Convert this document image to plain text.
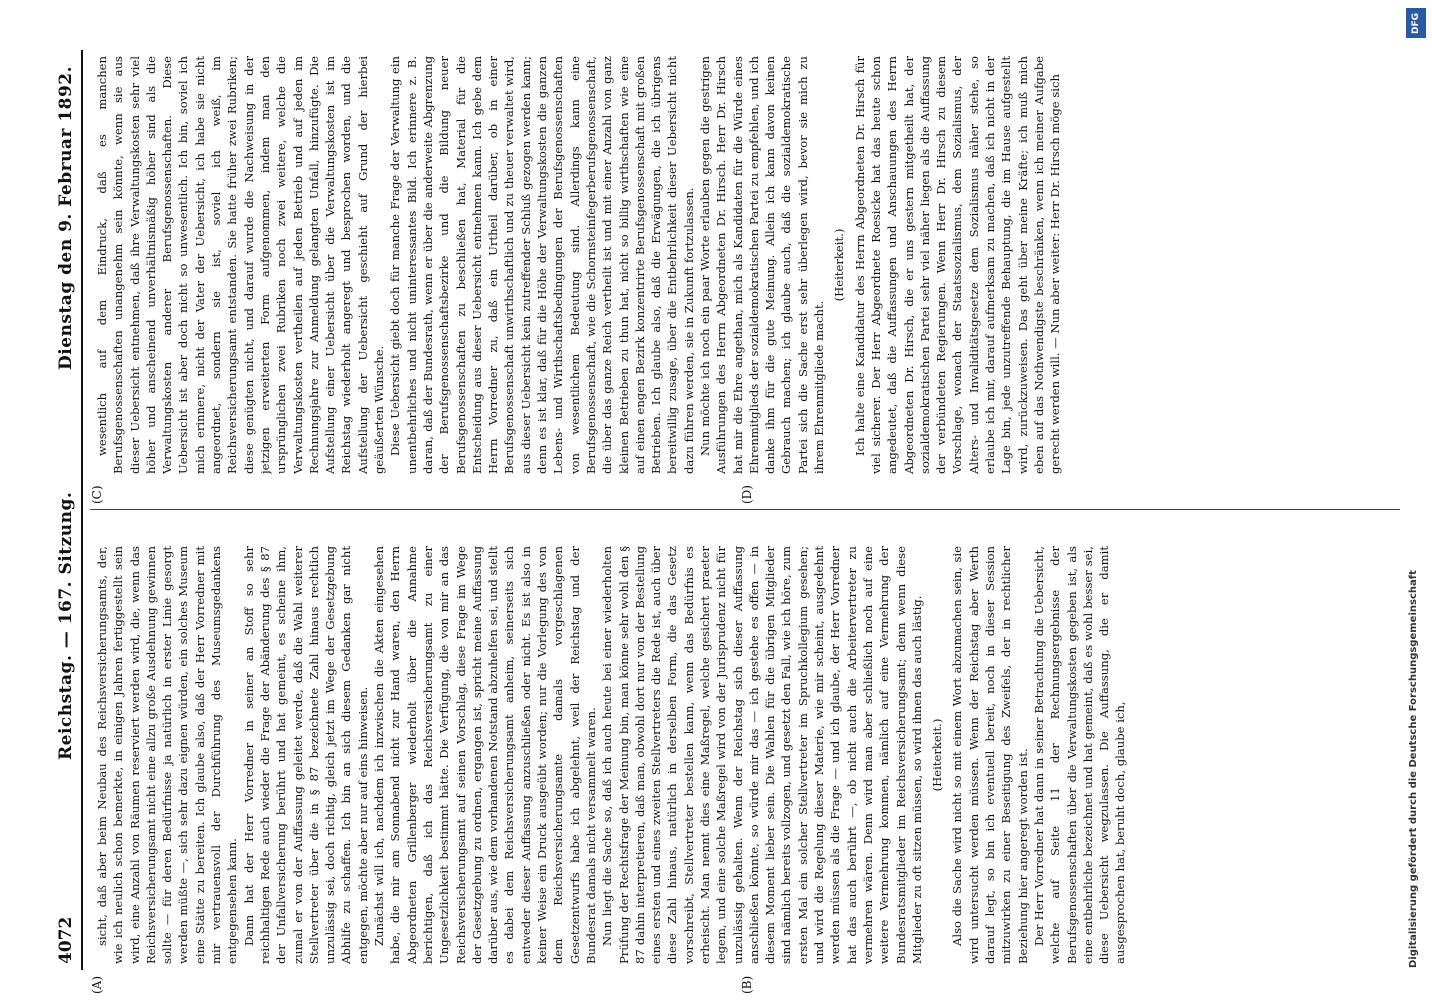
4072
Reichstag. — 167. Sitzung.
Dienstag den 9. Februar 1892.
(A)	(B)
(C)	(D)

sicht, daß aber beim Neubau des Reichsversicherungsamts, der, wie ich neulich schon bemerkte, in einigen Jahren fertiggestellt sein wird, eine Anzahl von Räumen reserviert werden wird, die, wenn das Reichsversicherungsamt nicht eine allzu große Ausdehnung gewinnen sollte — für deren Bedürfnisse ja natürlich in erster Linie gesorgt werden müßte —, sich sehr dazu eignen würden, ein solches Museum eine Stätte zu bereiten. Ich glaube also, daß der Herr Vorredner mit mir vertrauensvoll der Durchführung des Museumsgedankens entgegensehen kann. Dann hat der Herr Vorredner in seiner an Stoff so sehr reichhaltigen Rede auch wieder die Frage der Abänderung des § 87 der Unfallversicherung berührt und hat gemeint, es scheine ihm, zumal er von der Auffassung geleitet werde, daß die Wahl weiterer Stellvertreter über die in § 87 bezeichnete Zahl hinaus rechtlich unzulässig sei, doch richtig, gleich jetzt im Wege der Gesetzgebung Abhilfe zu schaffen. Ich bin an sich diesem Gedanken gar nicht entgegen, möchte aber nur auf eins hinweisen. Zunächst will ich, nachdem ich inzwischen die Akten eingesehen habe, die mir am Sonnabend nicht zur Hand waren, den Herrn Abgeordneten Grillenberger wiederholt über die Annahme berichtigen, daß ich das Reichsversicherungsamt zu einer Ungesetzlichkeit bestimmt hätte. Die Verfügung, die von mir an das Reichsversicherungsamt auf seinen Vorschlag, diese Frage im Wege der Gesetzgebung zu ordnen, ergangen ist, spricht meine Auffassung darüber aus, wie dem vorhandenen Notstand abzuhelfen sei, und stellt es dabei dem Reichsversicherungsamt anheim, seinerseits sich entweder dieser Auffassung anzuschließen oder nicht. Es ist also in keiner Weise ein Druck ausgeübt worden; nur die Vorlegung des von dem Reichsversicherungsamte damals vorgeschlagenen Gesetzentwurfs habe ich abgelehnt, weil der Reichstag und der Bundesrat damals nicht versammelt waren. Nun liegt die Sache so, daß ich auch heute bei einer wiederholten Prüfung der Rechtsfrage der Meinung bin, man könne sehr wohl den § 87 dahin interpretieren, daß man, obwohl dort nur von der Bestellung eines ersten und eines zweiten Stellvertreters die Rede ist, auch über diese Zahl hinaus, natürlich in derselben Form, die das Gesetz vorschreibt, Stellvertreter bestellen kann, wenn das Bedürfnis es erheischt. Man nennt dies eine Maßregel, welche gesichert praeter legem, und eine solche Maßregel wird von der Jurisprudenz nicht für unzulässig gehalten. Wenn der Reichstag sich dieser Auffassung anschließen könnte, so würde mir das — ich gestehe es offen — in diesem Moment lieber sein. Die Wahlen für die übrigen Mitglieder sind nämlich bereits vollzogen, und gesetzt den Fall, wie ich höre, zum ersten Mal ein solcher Stellvertreter im Spruchkollegium gesehen; und wird die Regelung dieser Materie, wie mir scheint, ausgedehnt werden müssen als die Frage — und ich glaube, der Herr Vorredner hat das auch berührt —, ob nicht auch die Arbeitervertreter zu vermehren wären. Denn wird man aber schließlich noch auf eine weitere Vermehrung kommen, nämlich auf eine Vermehrung der Bundesratsmitglieder im Reichsversicherungsamt; denn wenn diese Mitglieder zu oft sitzen müssen, so wird ihnen das auch lästig. (Heiterkeit.) Also die Sache wird nicht so mit einem Wort abzumachen sein, sie wird untersucht werden müssen. Wenn der Reichstag aber Werth darauf legt, so bin ich eventuell bereit, noch in dieser Session mitzuwirken zu einer Beseitigung des Zweifels, der in rechtlicher Beziehung hier angeregt worden ist. Der Herr Vorredner hat dann in seiner Betrachtung die Uebersicht, welche auf Seite 11 der Rechnungsergebnisse der Berufsgenossenschaften über die Verwaltungskosten gegeben ist, als eine entbehrliche bezeichnet und hat gemeint, daß es wohl besser sei, diese Uebersicht wegzulassen. Die Auffassung, die er damit ausgesprochen hat, beruht doch, glaube ich,

wesentlich auf dem Eindruck, daß es manchen Berufsgenossenschaften unangenehm sein könnte, wenn sie aus dieser Uebersicht entnehmen, daß ihre Verwaltungskosten sehr viel höher und anscheinend unverhältnismäßig höher sind als die Verwaltungskosten anderer Berufsgenossenschaften. Diese Uebersicht ist aber doch nicht so unwesentlich. Ich bin, soviel ich mich erinnere, nicht der Vater der Uebersicht, ich habe sie nicht angeordnet, sondern sie ist, soviel ich weiß, im Reichsversicherungsamt entstanden. Sie hatte früher zwei Rubriken; diese genügten nicht, und darauf wurde die Nachweisung in der jetzigen erweiterten Form aufgenommen, indem man den ursprünglichen zwei Rubriken noch zwei weitere, welche die Verwaltungskosten vertheilen auf jeden Betrieb und auf jeden im Rechnungsjahre zur Anmeldung gelangten Unfall, hinzufügte. Die Aufstellung einer Uebersicht über die Verwaltungskosten ist im Reichstag wiederholt angeregt und besprochen worden, und die Aufstellung der Uebersicht geschieht auf Grund der hierbei geäußerten Wünsche. Diese Uebersicht giebt doch für manche Frage der Verwaltung ein unentbehrliches und nicht uninteressantes Bild. Ich erinnere z. B. daran, daß der Bundesrath, wenn er über die anderweite Abgrenzung der Berufsgenossenschaftsbezirke und die Bildung neuer Berufsgenossenschaften zu beschließen hat, Material für die Entscheidung aus dieser Uebersicht entnehmen kann. Ich gebe dem Herrn Vorredner zu, daß ein Urtheil darüber, ob in einer Berufsgenossenschaft unwirthschaftlich und zu theuer verwaltet wird, aus dieser Uebersicht kein zutreffender Schluß gezogen werden kann; denn es ist klar, daß für die Höhe der Verwaltungskosten die ganzen Lebens- und Wirthschaftsbedingungen der Berufsgenossenschaften von wesentlichem Bedeutung sind. Allerdings kann eine Berufsgenossenschaft, wie die Schornsteinfegerberufsgenossenschaft, die über das ganze Reich vertheilt ist und mit einer Anzahl von ganz kleinen Betrieben zu thun hat, nicht so billig wirthschaften wie eine auf einen engen Bezirk konzentrirte Berufsgenossenschaft mit großen Betrieben. Ich glaube also, daß die Erwägungen, die ich übrigens bereitwillig zusage, über die Entbehrlichkeit dieser Uebersicht nicht dazu führen werden, sie in Zukunft fortzulassen. Nun möchte ich noch ein paar Worte erlauben gegen die gestrigen Ausführungen des Herrn Abgeordneten Dr. Hirsch. Herr Dr. Hirsch hat mir die Ehre angethan, mich als Kandidaten für die Würde eines Ehrenmitglieds der sozialdemokratischen Partei zu empfehlen, und ich danke ihm für die gute Meinung. Allein ich kann davon keinen Gebrauch machen; ich glaube auch, daß die sozialdemokratische Partei sich die Sache erst sehr überlegen wird, bevor sie mich zu ihrem Ehrenmitgliede macht.

(Heiterkeit.) Ich halte eine Kandidatur des Herrn Abgeordneten Dr. Hirsch für viel sicherer. Der Herr Abgeordnete Roesicke hat das heute schon angedeutet, daß die Auffassungen und Anschauungen des Herrn Abgeordneten Dr. Hirsch, die er uns gestern mitgetheilt hat, der sozialdemokratischen Partei sehr viel näher liegen als die Auffassung der verbündeten Regierungen. Wenn Herr Dr. Hirsch zu diesem Vorschlage, wonach der Staatssozialismus, dem Sozialismus, der Alters- und Invaliditätsgesetze dem Sozialismus näher stehe, so erlaube ich mir, darauf aufmerksam zu machen, daß ich nicht in der Lage bin, jede unzutreffende Behauptung, die im Hause aufgestellt wird, zurückzuweisen. Das geht über meine Kräfte; ich muß mich eben auf das Nothwendigste beschränken, wenn ich meiner Aufgabe gerecht werden will. — Nun aber weiter: Herr Dr. Hirsch möge sich

DFG
Digitalisierung gefördert durch die Deutsche Forschungsgemeinschaft
